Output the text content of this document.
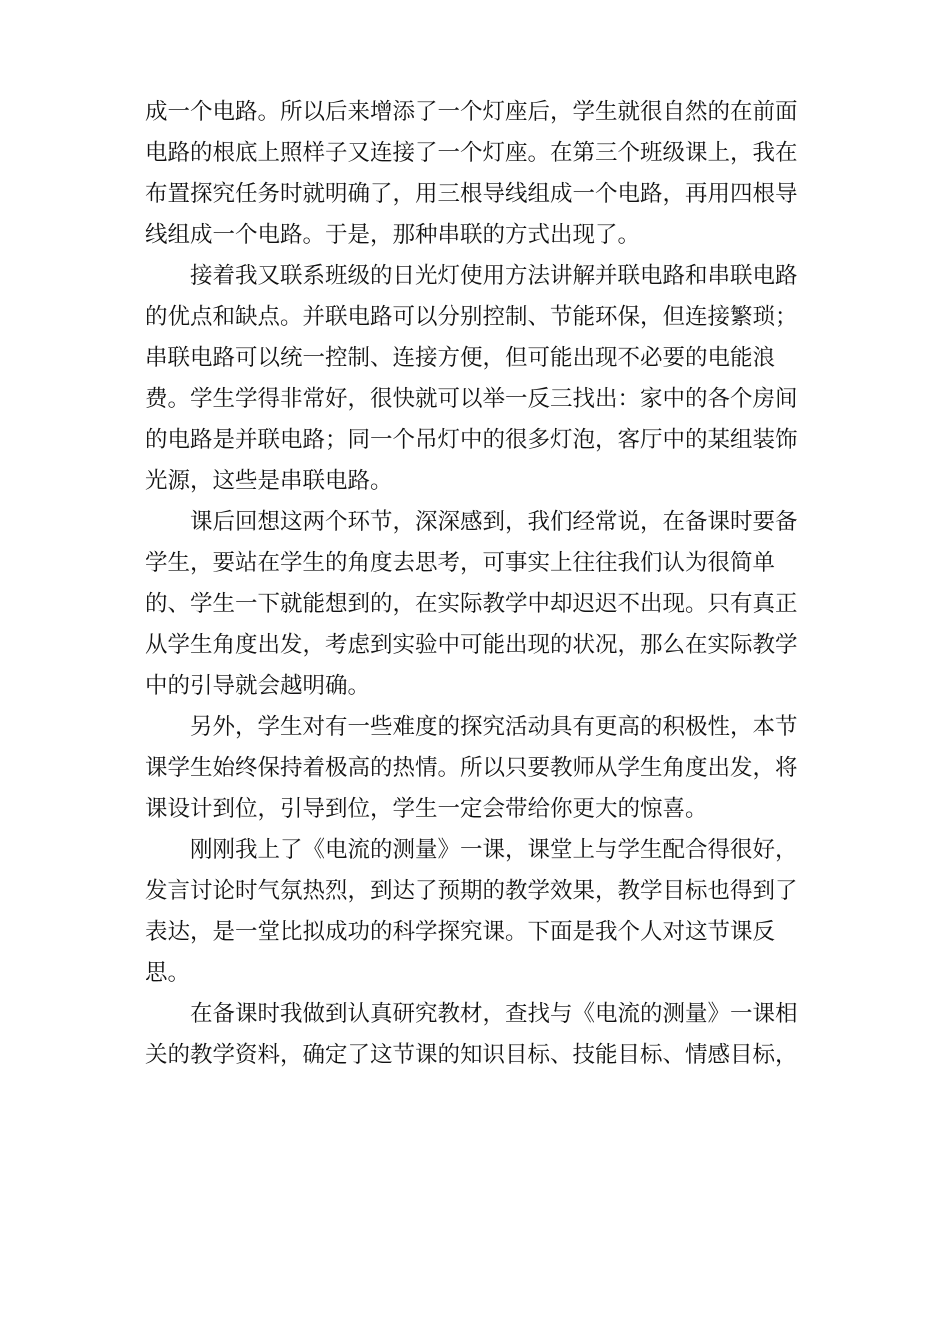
成一个电路。所以后来增添了一个灯座后，学生就很自然的在前面
电路的根底上照样子又连接了一个灯座。在第三个班级课上，我在
布置探究任务时就明确了，用三根导线组成一个电路，再用四根导
线组成一个电路。于是，那种串联的方式出现了。
接着我又联系班级的日光灯使用方法讲解并联电路和串联电路
的优点和缺点。并联电路可以分别控制、节能环保，但连接繁琐；
串联电路可以统一控制、连接方便，但可能出现不必要的电能浪
费。学生学得非常好，很快就可以举一反三找出：家中的各个房间
的电路是并联电路；同一个吊灯中的很多灯泡，客厅中的某组装饰
光源，这些是串联电路。
课后回想这两个环节，深深感到，我们经常说，在备课时要备
学生，要站在学生的角度去思考，可事实上往往我们认为很简单
的、学生一下就能想到的，在实际教学中却迟迟不出现。只有真正
从学生角度出发，考虑到实验中可能出现的状况，那么在实际教学
中的引导就会越明确。
另外，学生对有一些难度的探究活动具有更高的积极性，本节
课学生始终保持着极高的热情。所以只要教师从学生角度出发，将
课设计到位，引导到位，学生一定会带给你更大的惊喜。
刚刚我上了《电流的测量》一课，课堂上与学生配合得很好，
发言讨论时气氛热烈，到达了预期的教学效果，教学目标也得到了
表达，是一堂比拟成功的科学探究课。下面是我个人对这节课反
思。
在备课时我做到认真研究教材，查找与《电流的测量》一课相
关的教学资料，确定了这节课的知识目标、技能目标、情感目标，
